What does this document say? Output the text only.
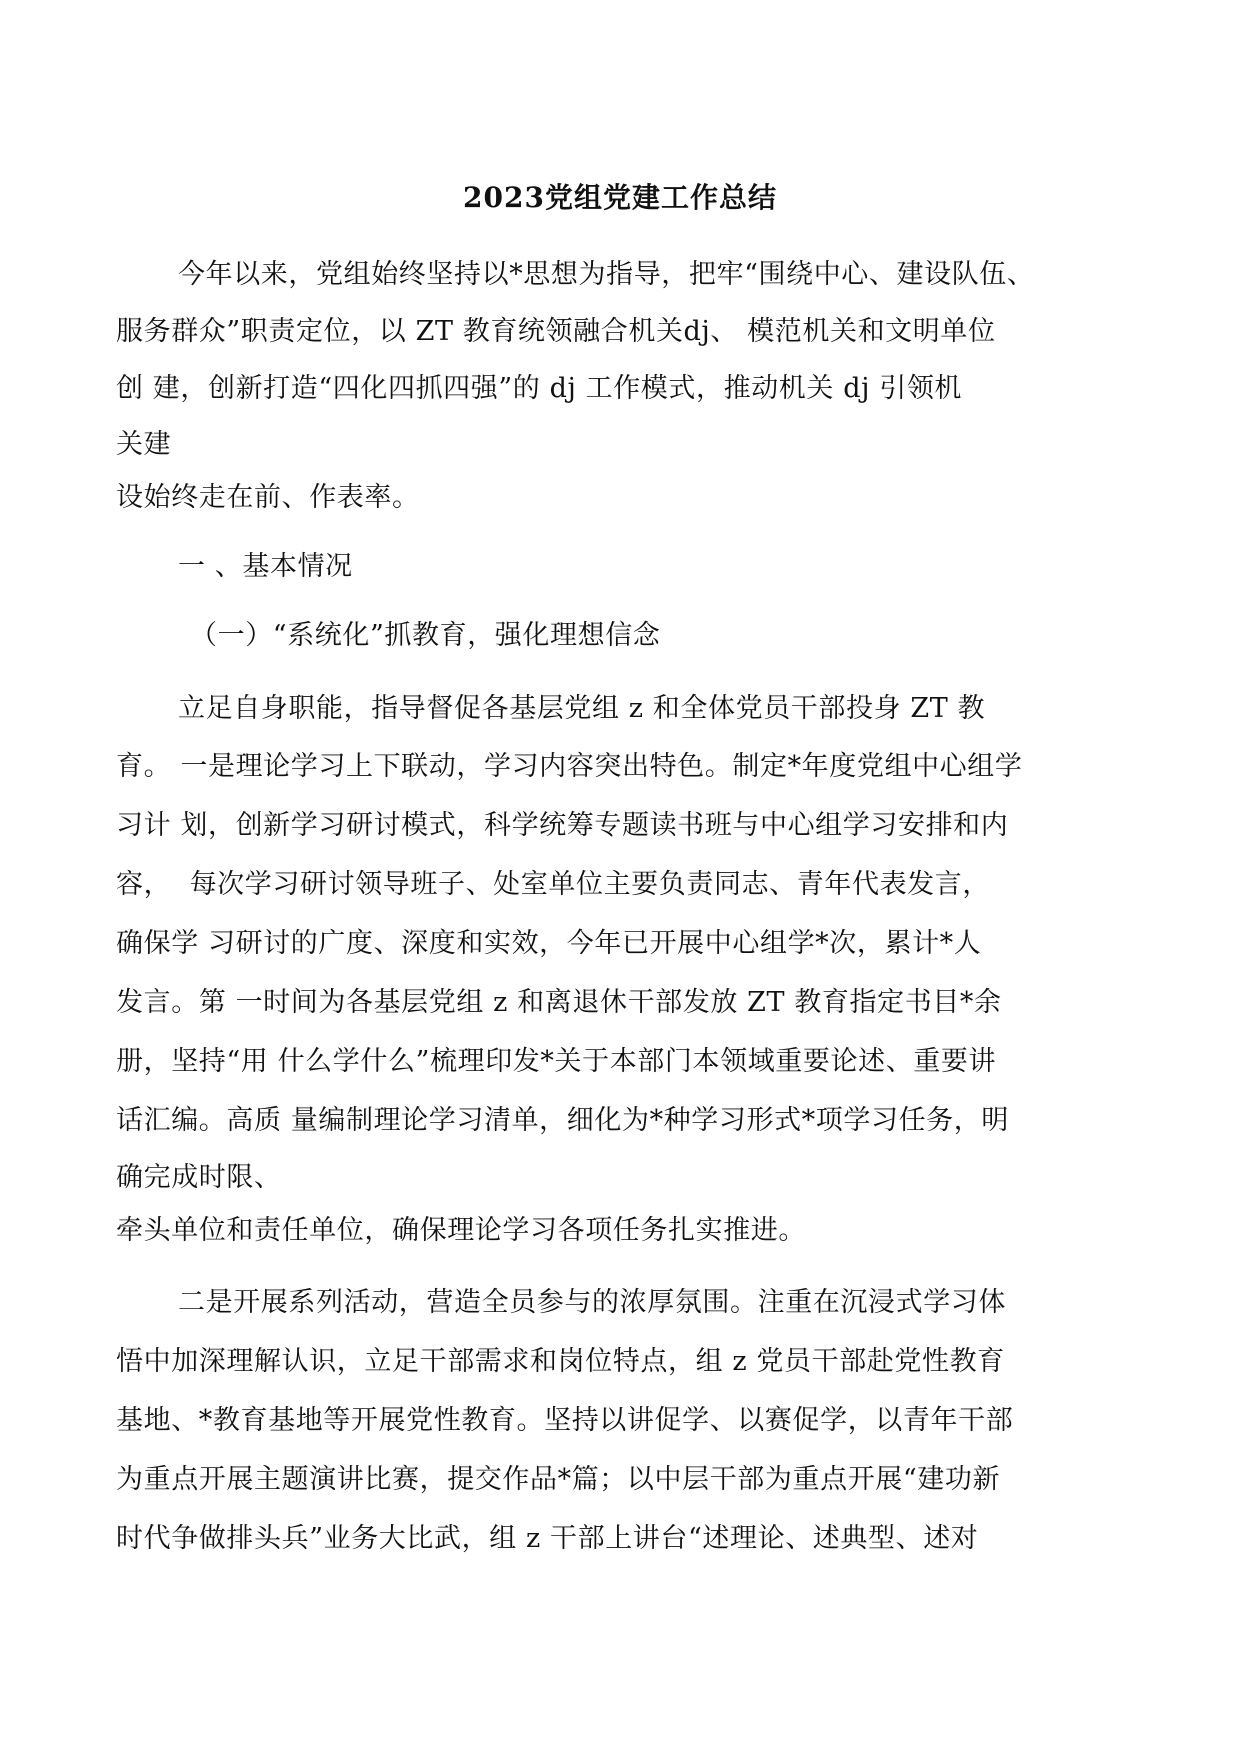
2023党组党建工作总结
今年以来，党组始终坚持以*思想为指导，把牢“围绕中心、建设队伍、
服务群众”职责定位，以 ZT 教育统领融合机关dj、 模范机关和文明单位
创 建，创新打造“四化四抓四强”的 dj 工作模式，推动机关 dj 引领机
关建
设始终走在前、作表率。
一 、基本情况
（一）“系统化”抓教育，强化理想信念
立足自身职能，指导督促各基层党组 z 和全体党员干部投身 ZT 教
育。 一是理论学习上下联动，学习内容突出特色。制定*年度党组中心组学
习计 划，创新学习研讨模式，科学统筹专题读书班与中心组学习安排和内
容，  每次学习研讨领导班子、处室单位主要负责同志、青年代表发言，
确保学 习研讨的广度、深度和实效，今年已开展中心组学*次，累计*人
发言。第 一时间为各基层党组 z 和离退休干部发放 ZT 教育指定书目*余
册，坚持“用 什么学什么”梳理印发*关于本部门本领域重要论述、重要讲
话汇编。高质 量编制理论学习清单，细化为*种学习形式*项学习任务，明
确完成时限、
牵头单位和责任单位，确保理论学习各项任务扎实推进。
二是开展系列活动，营造全员参与的浓厚氛围。注重在沉浸式学习体
悟中加深理解认识，立足干部需求和岗位特点，组 z 党员干部赴党性教育
基地、*教育基地等开展党性教育。坚持以讲促学、以赛促学，以青年干部
为重点开展主题演讲比赛，提交作品*篇；以中层干部为重点开展“建功新
时代争做排头兵”业务大比武，组 z 干部上讲台“述理论、述典型、述对
